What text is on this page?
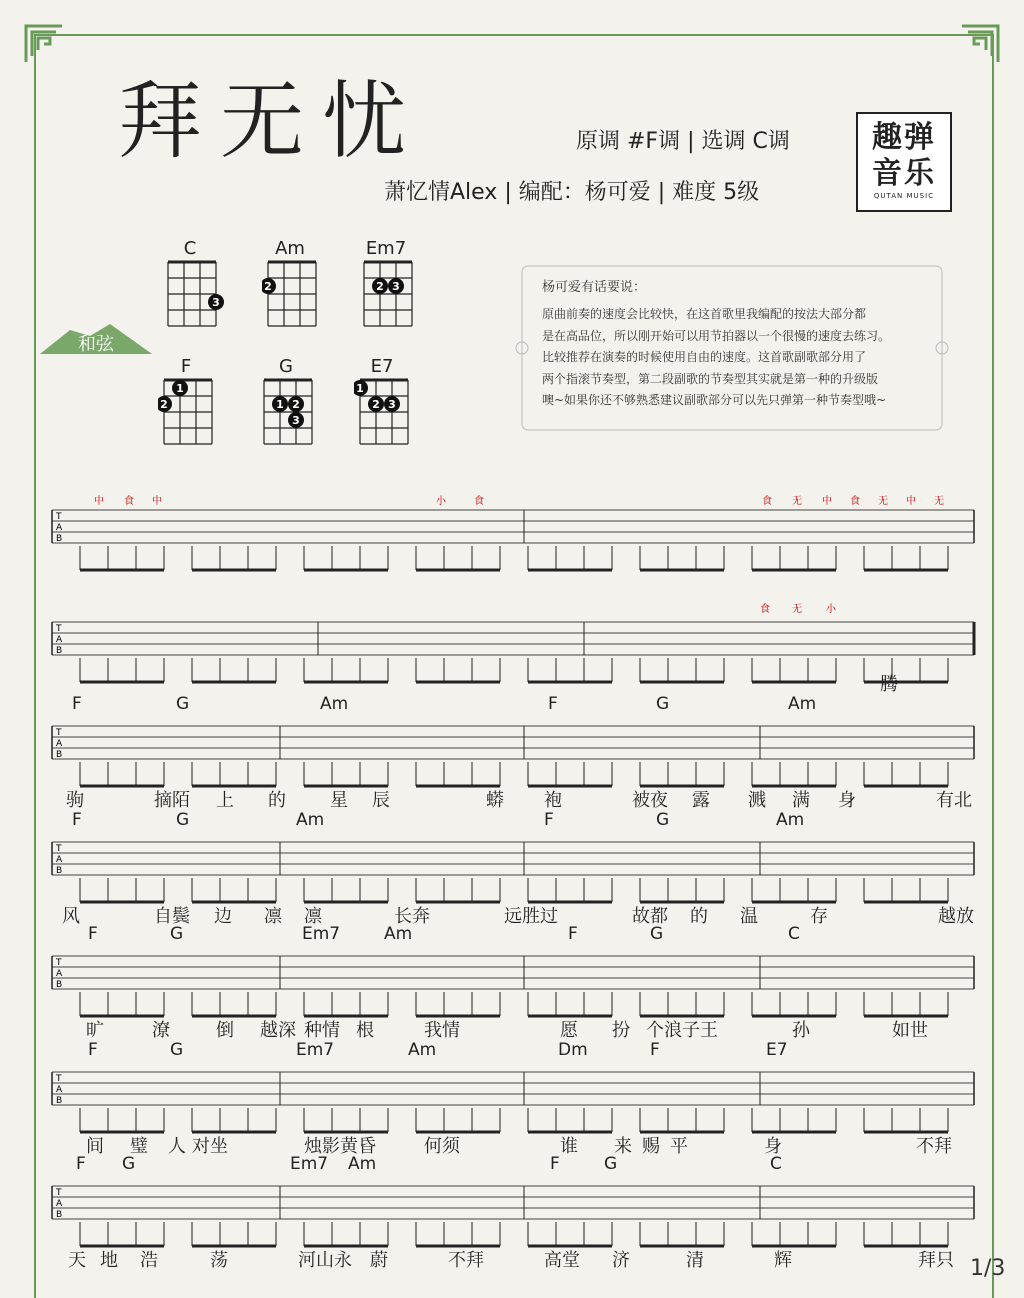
拜无忧	原调 #F调 | 选调 C调
萧忆情Alex | 编配：杨可爱 | 难度 5级
趣弹
音乐
QUTAN MUSIC
和弦
C
3
Am
2
Em7
2 3
F
1
2
G
1 2
3
E7
1
2 3
杨可爱有话要说：
原曲前奏的速度会比较快，在这首歌里我编配的按法大部分都
是在高品位，所以刚开始可以用节拍器以一个很慢的速度去练习。
比较推荐在演奏的时候使用自由的速度。这首歌副歌部分用了
两个指滚节奏型，第二段副歌的节奏型其实就是第一种的升级版
噢~如果你还不够熟悉建议副歌部分可以先只弹第一种节奏型哦~
T
A
B
T
A
B
T
A
B
T
A
B
T
A
B
T
A
B
T
A
B
腾
F	G	Am	F	G	Am
驹	摘陌 上 的 星 辰	蟒 袍	被夜 露 溅 满 身	有北
F	G	Am	F	G	Am
风	自鬓 边 凛 凛	长奔	远胜过	故都 的 温	存	越放
F	G	Em7	Am	F	G	C
旷	潦	倒 越深 种情 根	我情	愿 扮 个浪子王	孙	如世
F	G	Em7	Am	Dm	F	E7
间 璧 人 对坐	烛影黄昏	何须	谁 来 赐 平	身	不拜
F G	Em7 Am	F	G	C
天 地 浩	荡	河山永 蔚	不拜	高堂 济	清	辉	拜只
中 食 中	小	食	食 无 中 食 无 中 无
食 无 小
1/3
